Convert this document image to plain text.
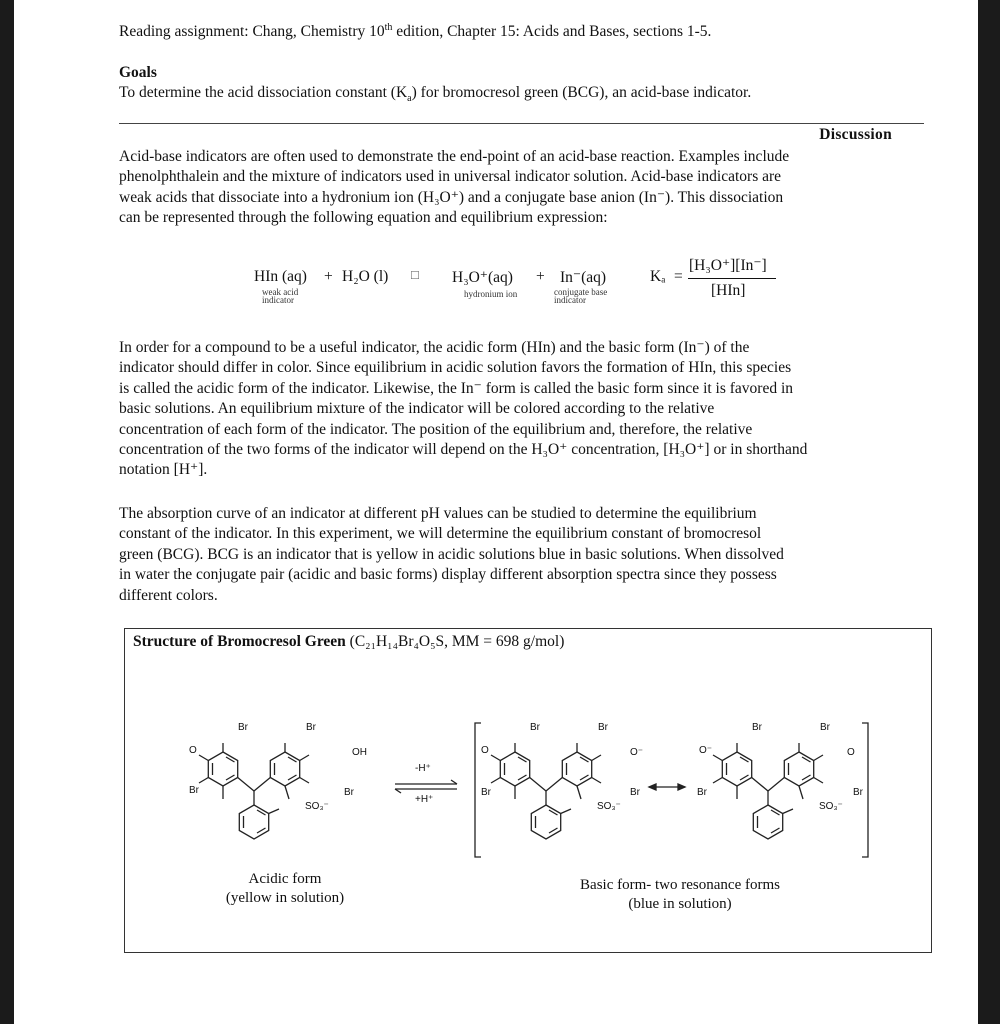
Reading assignment: Chang, Chemistry 10th edition, Chapter 15: Acids and Bases, sections 1-5.
Goals
To determine the acid dissociation constant $(K_a)$ for bromocresol green (BCG), an acid-base indicator.
Discussion
Acid-base indicators are often used to demonstrate the end-point of an acid-base reaction. Examples include
phenolphthalein and the mixture of indicators used in universal indicator solution. Acid-base indicators are
weak acids that dissociate into a hydronium ion (H₃O⁺) and a conjugate base anion (In⁻). This dissociation
can be represented through the following equation and equilibrium expression:
HIn (aq) + H₂O (l) □ H₃O⁺(aq) + In⁻(aq)
weak acid indicator
hydronium ion	conjugate base indicator
Kₐ =
[H₃O⁺][In⁻]
[HIn]
In order for a compound to be a useful indicator, the acidic form (HIn) and the basic form (In⁻) of the
indicator should differ in color. Since equilibrium in acidic solution favors the formation of HIn, this species
is called the acidic form of the indicator. Likewise, the In⁻ form is called the basic form since it is favored in
basic solutions. An equilibrium mixture of the indicator will be colored according to the relative
concentration of each form of the indicator. The position of the equilibrium and, therefore, the relative
concentration of the two forms of the indicator will depend on the H₃O⁺ concentration, [H₃O⁺] or in shorthand
notation [H⁺].
The absorption curve of an indicator at different pH values can be studied to determine the equilibrium
constant of the indicator. In this experiment, we will determine the equilibrium constant of bromocresol
green (BCG). BCG is an indicator that is yellow in acidic solutions blue in basic solutions. When dissolved
in water the conjugate pair (acidic and basic forms) display different absorption spectra since they possess
different colors.
Structure of Bromocresol Green (C₂₁H₁₄Br₄O₅S, MM = 698 g/mol)
Br	Br
O	OH
Br	Br
SO₃⁻
-H⁺
+H⁺
Br	Br
O	O⁻
Br	Br
SO₃⁻
Br	Br
O⁻	O
Br	Br
SO₃⁻
Acidic form
(yellow in solution)
Basic form- two resonance forms
(blue in solution)
